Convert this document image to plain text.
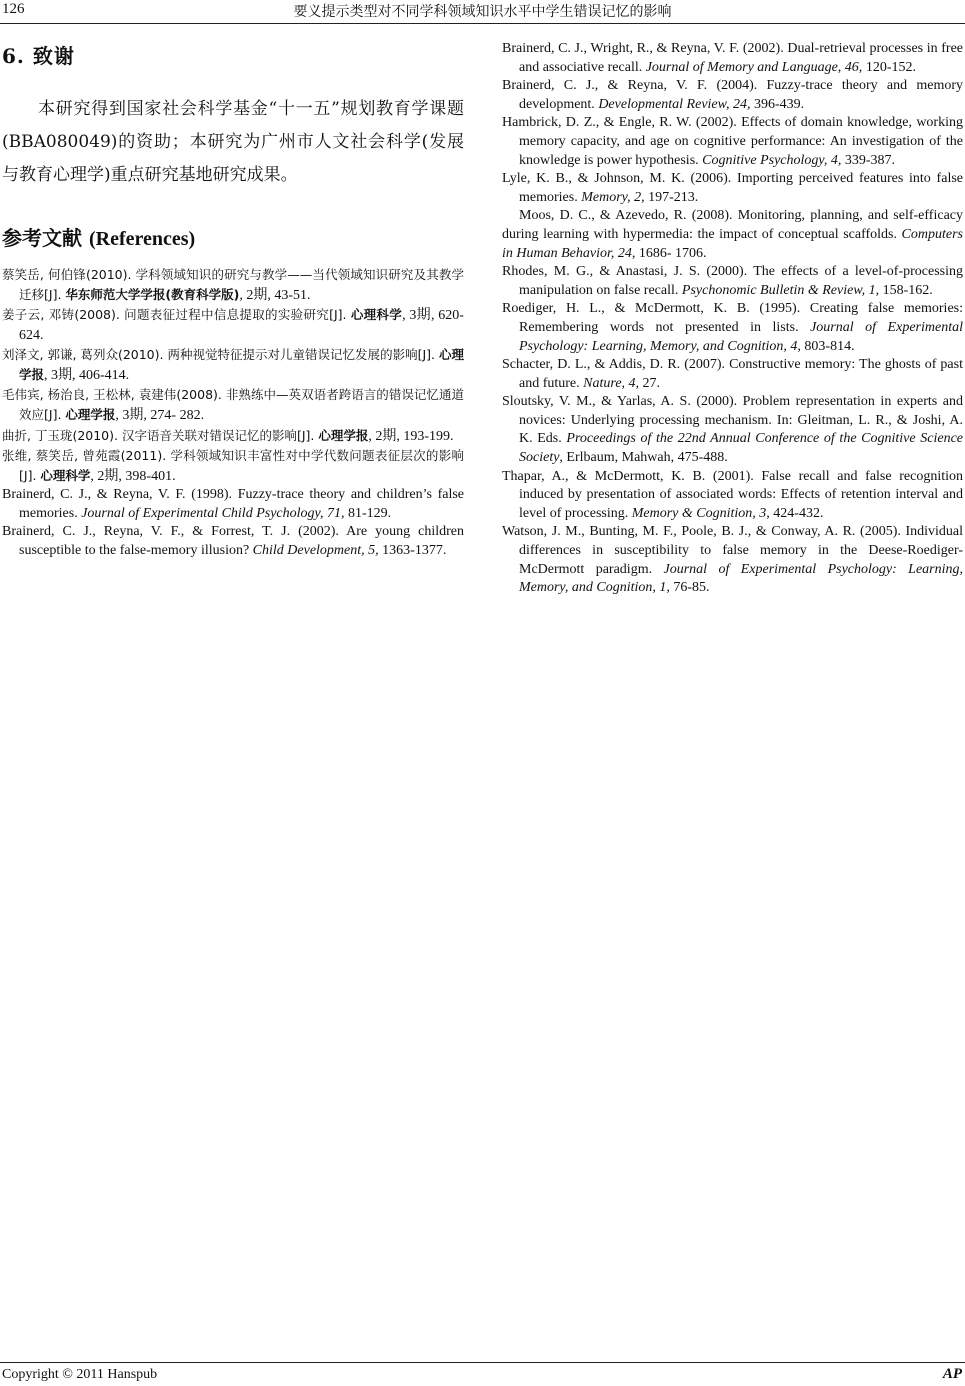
126	要义提示类型对不同学科领域知识水平中学生错误记忆的影响
6. 致谢

本研究得到国家社会科学基金“十一五”规划教育学课题(BBA080049)的资助；本研究为广州市人文社会科学(发展与教育心理学)重点研究基地研究成果。

参考文献 (References)
蔡笑岳, 何伯锋(2010). 学科领域知识的研究与教学——当代领域知识研究及其教学迁移[J]. 华东师范大学学报(教育科学版), 2期, 43-51.
姜子云, 邓铸(2008). 问题表征过程中信息提取的实验研究[J]. 心理科学, 3期, 620-624.
刘泽文, 郭谦, 葛列众(2010). 两种视觉特征提示对儿童错误记忆发展的影响[J]. 心理学报, 3期, 406-414.
毛伟宾, 杨治良, 王松林, 袁建伟(2008). 非熟练中—英双语者跨语言的错误记忆通道效应[J]. 心理学报, 3期, 274- 282.
曲折, 丁玉珑(2010). 汉字语音关联对错误记忆的影响[J]. 心理学报, 2期, 193-199.
张维, 蔡笑岳, 曾苑霞(2011). 学科领域知识丰富性对中学代数问题表征层次的影响[J]. 心理科学, 2期, 398-401.
Brainerd, C. J., & Reyna, V. F. (1998). Fuzzy-trace theory and children’s false memories. Journal of Experimental Child Psychology, 71, 81-129.
Brainerd, C. J., Reyna, V. F., & Forrest, T. J. (2002). Are young children susceptible to the false-memory illusion? Child Development, 5, 1363-1377.
Brainerd, C. J., Wright, R., & Reyna, V. F. (2002). Dual-retrieval processes in free and associative recall. Journal of Memory and Language, 46, 120-152.
Brainerd, C. J., & Reyna, V. F. (2004). Fuzzy-trace theory and memory development. Developmental Review, 24, 396-439.
Hambrick, D. Z., & Engle, R. W. (2002). Effects of domain knowledge, working memory capacity, and age on cognitive performance: An investigation of the knowledge is power hypothesis. Cognitive Psychology, 4, 339-387.
Lyle, K. B., & Johnson, M. K. (2006). Importing perceived features into false memories. Memory, 2, 197-213.
Moos, D. C., & Azevedo, R. (2008). Monitoring, planning, and self-efficacy during learning with hypermedia: the impact of conceptual scaffolds. Computers in Human Behavior, 24, 1686- 1706.
Rhodes, M. G., & Anastasi, J. S. (2000). The effects of a level-of-processing manipulation on false recall. Psychonomic Bulletin & Review, 1, 158-162.
Roediger, H. L., & McDermott, K. B. (1995). Creating false memories: Remembering words not presented in lists. Journal of Experimental Psychology: Learning, Memory, and Cognition, 4, 803-814.
Schacter, D. L., & Addis, D. R. (2007). Constructive memory: The ghosts of past and future. Nature, 4, 27.
Sloutsky, V. M., & Yarlas, A. S. (2000). Problem representation in experts and novices: Underlying processing mechanism. In: Gleitman, L. R., & Joshi, A. K. Eds. Proceedings of the 22nd Annual Conference of the Cognitive Science Society, Erlbaum, Mahwah, 475-488.
Thapar, A., & McDermott, K. B. (2001). False recall and false recognition induced by presentation of associated words: Effects of retention interval and level of processing. Memory & Cognition, 3, 424-432.
Watson, J. M., Bunting, M. F., Poole, B. J., & Conway, A. R. (2005). Individual differences in susceptibility to false memory in the Deese-Roediger-McDermott paradigm. Journal of Experimental Psychology: Learning, Memory, and Cognition, 1, 76-85.
Copyright © 2011 Hanspub	AP
